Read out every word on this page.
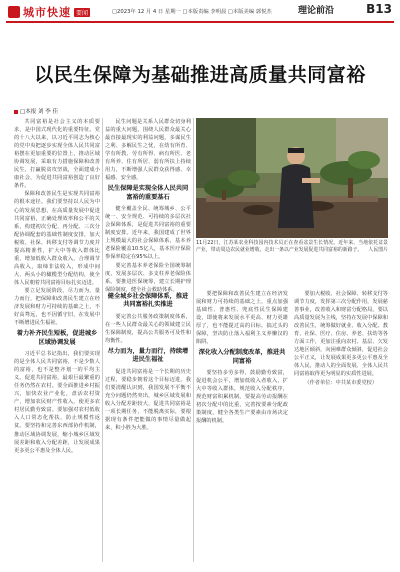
城市快速 要闻	□2023年 12 月 4 日 星期一 □本版责编 李明晨 □本版美编 郭悦杰	理论前沿	B13
以民生保障为基础推进高质量共同富裕
□本报 刘 李 佳

共同富裕是社会主义的本质要求，是中国式现代化的重要特征。党的十八大以来，以习近平同志为核心的党中央把逐步实现全体人民共同富裕摆在更加重要的位置上，推动区域协调发展，采取有力措施保障和改善民生，打赢脱贫攻坚战，全面建成小康社会，为促进共同富裕创造了良好条件。

保障和改善民生是实现共同富裕的根本途径。我们要坚持以人民为中心的发展思想，在高质量发展中促进共同富裕，正确处理效率和公平的关系，构建初次分配、再分配、三次分配协调配套的基础性制度安排，加大税收、社保、转移支付等调节力度并提高精准性，扩大中等收入群体比重，增加低收入群众收入，合理调节高收入，取缔非法收入，形成中间大、两头小的橄榄型分配结构，使全体人民朝着共同富裕目标扎实迈进。

要立足发展阶段，尽力而为、量力而行，把保障和改善民生建立在经济发展和财力可持续的基础之上，不好高骛远，也不因循守旧，在发展中不断增进民生福祉。

着力补齐民生短板，促进城乡区域协调发展

习近平总书记指出，我们要实现的是全体人民共同富裕，不是少数人的富裕，也不是整齐划一的平均主义。促进共同富裕，最艰巨最繁重的任务仍然在农村。要全面推进乡村振兴，加快农业产业化，盘活农村资产，增加农民财产性收入，使更多农村居民勤劳致富。要加强对农村低收入人口常态化帮扶，防止规模性返贫。要坚持和完善东西部协作机制，推动区域协调发展，缩小城乡区域发展差距和收入分配差距，让发展成果更多更公平惠及全体人民。

民生问题是关系人民群众切身利益的重大问题。围绕人民群众最关心最直接最现实的利益问题，多谋民生之利、多解民生之忧，在幼有所育、学有所教、劳有所得、病有所医、老有所养、住有所居、弱有所扶上持续用力，不断增强人民群众获得感、幸福感、安全感。

民生保障是实现全体人民共同富裕的重要基石

健全覆盖全民、统筹城乡、公平统一、安全规范、可持续的多层次社会保障体系，是促进共同富裕的重要制度安排。近年来，我国建成了世界上规模最大的社会保障体系，基本养老保险覆盖10.5亿人，基本医疗保险参保率稳定在95%以上。

要完善基本养老保险全国统筹制度，发展多层次、多支柱养老保险体系。要推进医保统筹，建立长期护理保险制度，健全社会救助体系。

11月22日，江苏某农业科技园内技术员正在查看盆景生长情况。近年来，当地依托盆景产业，带动周边农民就业增收，走出一条以产业发展促进共同富裕的新路子。 人民图片
健全城乡社会保障体系，推进共同富裕扎实推进

要完善公共服务政策制度体系，在一些人民群众最关心的领域建立民生保障制度，提高公共服务可及性和均衡性。

尽力而为，量力而行，持续增进民生福祉

促进共同富裕是一个长期的历史过程，要稳步朝着这个目标迈进。我们要清醒认识到，我国发展不平衡不充分问题仍然突出，城乡区域发展和收入分配差距较大，促进共同富裕是一项长期任务，不能脱离实际，要根据现有条件把能做的事情尽量做起来，积小胜为大胜。

要把保障和改善民生建立在经济发展和财力可持续的基础之上，重点加强基础性、普惠性、兜底性民生保障建设，即使将来发展水平更高、财力更雄厚了，也不能提过高的目标，搞过头的保障，坚决防止落入福利主义养懒汉的陷阱。

深化收入分配制度改革，推进共同富裕

要坚持多劳多得，鼓励勤劳致富，促进机会公平，增加低收入者收入，扩大中等收入群体，规范收入分配秩序，规范财富积累机制。要提高劳动报酬在初次分配中的比重，完善按要素分配政策制度，健全各类生产要素由市场决定报酬的机制。

要加大税收、社会保障、转移支付等调节力度，发挥第三次分配作用，发展慈善事业，改善收入和财富分配格局。要以高质量发展为主线，坚持在发展中保障和改善民生，统筹做好就业、收入分配、教育、社保、医疗、住房、养老、扶幼等各方面工作，更加注重向农村、基层、欠发达地区倾斜，向困难群众倾斜，促进社会公平正义，让发展成果更多更公平惠及全体人民，推动人的全面发展、全体人民共同富裕取得更为明显的实质性进展。

（作者单位：中共某市委党校）
